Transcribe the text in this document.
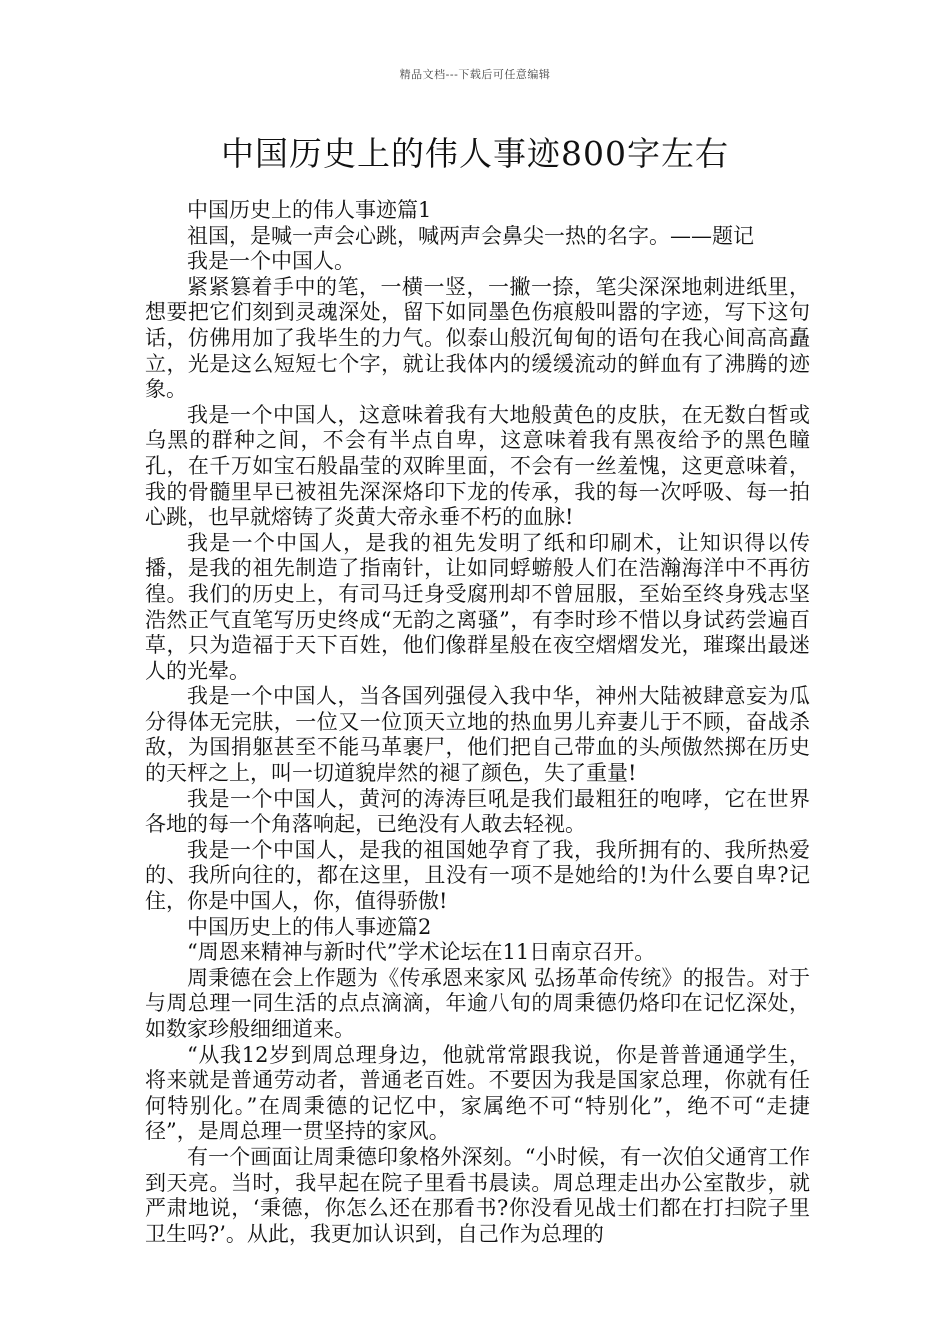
精品文档---下载后可任意编辑
中国历史上的伟人事迹800字左右

中国历史上的伟人事迹篇1

祖国，是喊一声会心跳，喊两声会鼻尖一热的名字。——题记

我是一个中国人。

紧紧篡着手中的笔，一横一竖，一撇一捺，笔尖深深地刺进纸里，想要把它们刻到灵魂深处，留下如同墨色伤痕般叫嚣的字迹，写下这句话，仿佛用加了我毕生的力气。似泰山般沉甸甸的语句在我心间高高矗立，光是这么短短七个字，就让我体内的缓缓流动的鲜血有了沸腾的迹象。

我是一个中国人，这意味着我有大地般黄色的皮肤，在无数白皙或乌黑的群种之间，不会有半点自卑，这意味着我有黑夜给予的黑色瞳孔，在千万如宝石般晶莹的双眸里面，不会有一丝羞愧，这更意味着，我的骨髓里早已被祖先深深烙印下龙的传承，我的每一次呼吸、每一拍心跳，也早就熔铸了炎黄大帝永垂不朽的血脉!

我是一个中国人，是我的祖先发明了纸和印刷术，让知识得以传播，是我的祖先制造了指南针，让如同蜉蝣般人们在浩瀚海洋中不再彷徨。我们的历史上，有司马迁身受腐刑却不曾屈服，至始至终身残志坚浩然正气直笔写历史终成“无韵之离骚”，有李时珍不惜以身试药尝遍百草，只为造福于天下百姓，他们像群星般在夜空熠熠发光，璀璨出最迷人的光晕。

我是一个中国人，当各国列强侵入我中华，神州大陆被肆意妄为瓜分得体无完肤，一位又一位顶天立地的热血男儿弃妻儿于不顾，奋战杀敌，为国捐躯甚至不能马革裹尸，他们把自己带血的头颅傲然掷在历史的天枰之上，叫一切道貌岸然的褪了颜色，失了重量!

我是一个中国人，黄河的涛涛巨吼是我们最粗狂的咆哮，它在世界各地的每一个角落响起，已绝没有人敢去轻视。

我是一个中国人，是我的祖国她孕育了我，我所拥有的、我所热爱的、我所向往的，都在这里，且没有一项不是她给的!为什么要自卑?记住，你是中国人，你，值得骄傲!

中国历史上的伟人事迹篇2

“周恩来精神与新时代”学术论坛在11日南京召开。

周秉德在会上作题为《传承恩来家风 弘扬革命传统》的报告。对于与周总理一同生活的点点滴滴，年逾八旬的周秉德仍烙印在记忆深处，如数家珍般细细道来。

“从我12岁到周总理身边，他就常常跟我说，你是普普通通学生，将来就是普通劳动者，普通老百姓。不要因为我是国家总理，你就有任何特别化。”在周秉德的记忆中，家属绝不可“特别化”，绝不可“走捷径”，是周总理一贯坚持的家风。

有一个画面让周秉德印象格外深刻。“小时候，有一次伯父通宵工作到天亮。当时，我早起在院子里看书晨读。周总理走出办公室散步，就严肃地说，‘秉德，你怎么还在那看书?你没看见战士们都在打扫院子里卫生吗?’。从此，我更加认识到，自己作为总理的
